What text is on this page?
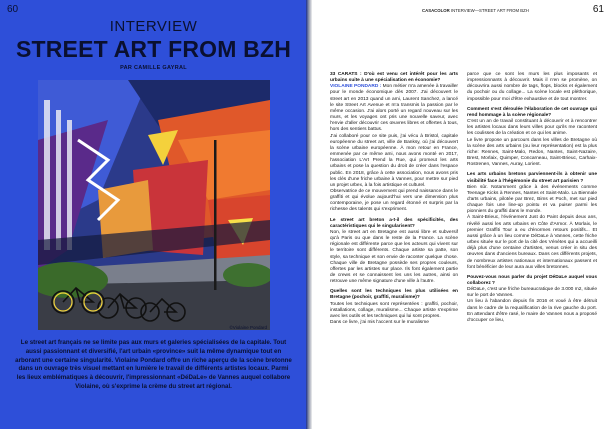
60
INTERVIEW
STREET ART FROM BZH
PAR CAMILLE GAYRAL
©Violaine Pondard
Le street art français ne se limite pas aux murs et galeries spécialisées de la capitale. Tout aussi passionnant et diversifié, l'art urbain «province» suit la même dynamique tout en arborant une certaine singularité. Violaine Pondard offre un riche aperçu de la scène bretonne dans un ouvrage très visuel mettant en lumière le travail de différents artistes locaux. Parmi les lieux emblématiques à découvrir, l'impressionnant «DéDaLe» de Vannes auquel collabore Violaine, où s'exprime la crème du street art régional.
CASACOLOR INTERVIEW—STREET ART FROM BZH	61

33 CARATS : D'où est venu cet intérêt pour les arts urbains suite à une spécialisation en économie?

VIOLAINE PONDARD : Mon métier m'a amenée à travailler pour le monde économique dès 2007. J'ai découvert le street art en 2013 quand un ami, Laurent Sanchez, a lancé le site Street Art Avenue et m'a transmis la passion par le même occasion. J'ai alors porté un regard nouveau sur les murs, et les voyages ont pris une nouvelle saveur, avec l'envie d'aller découvrir ces œuvres libres et offertes à tous, hors des sentiers battus.

J'ai collaboré pour ce site puis, j'ai vécu à Bristol, capitale européenne du street art, ville de Banksy, où j'ai découvert la scène urbaine européenne. À mon retour en France, emmenée par ce même ami, nous avons monté en 2017, l'association L'Art Prend la Rue, qui promeut les arts urbains et pose la question du droit de créer dans l'espace public. En 2018, grâce à cette association, nous avons pris les clés d'une friche urbaine à Vannes, pour mettre sur pied un projet urbex, à la fois artistique et culturel.

Observatrice de ce mouvement qui prend naissance dans le graffiti et qui évolue aujourd'hui vers une dimension plus contemporaine, je pose un regard étonné et surpris par la richesse des talents qui s'expriment.

Le street art breton a-t-il des spécificités, des caractéristiques qui le singularisent?

Non, le street art en Bretagne est aussi libre et subversif qu'à Paris ou que dans le reste de la France. La scène régionale est différente parce que les acteurs qui vivent sur le territoire sont différents. Chaque artiste sa patte, son style, sa technique et son envie de raconter quelque chose. Chaque ville de Bretagne possède ses propres couleurs, offertes par les artistes sur place. Ils font également partie de crews et se connaissent les uns les autres, ainsi on retrouve une même signature d'une ville à l'autre.

Quelles sont les techniques les plus utilisées en Bretagne (pochoir, graffiti, muralisme)?

Toutes les techniques sont représentées : graffiti, pochoir, installations, collage, muralisme... Chaque artiste s'exprime avec les outils et les techniques qui lui sont propres.

Dans ce livre, j'ai mis l'accent sur le muralisme

parce que ce sont les murs les plus imposants et impressionnants à découvrir. Mais il n'en se promène, on découvrira aussi nombre de tags, flops, blocks et également du pochoir ou du collage... La scène locale est pléthorique, impossible pour moi d'être exhaustive et de tout montrer.

Comment s'est déroulée l'élaboration de cet ouvrage qui rend hommage à la scène régionale?

C'est un an de travail constituant à découvrir et à rencontrer les artistes locaux dans leurs villes pour qu'ils me racontent les coulisses de la création et ce qui les anime.

Le livre propose un parcours dans les villes de Bretagne où la scène des arts urbains (ou leur représentation) est la plus riche: Rennes, Saint-Malo, Redon, Nantes, Saint-Nazaire, Brest, Morlaix, Quimper, Concarneau, Saint-Brieuc, Carhaix-Rostrenen, Vannes, Auray, Lorient.

Les arts urbains bretons parviennent-ils à obtenir une visibilité face à l'hégémonie du street art parisien ?

Bien sûr. Notamment grâce à des événements comme Teenage Kicks à Rennes, Nantes et Saint-Malo. La Biennale d'arts urbains, pilotée par Brez, Bims et Poch, met sur pied chaque fois une line-up pointu et va puiser parmi les pionniers du graffiti dans le monde.

À Saint-Brieuc, l'événement Just do Paint depuis deux ans, révélé aussi les arts urbains en Côte d'Armor. À Morlaix, le premier Graffiti Tour a eu d'énormes retours positifs... Et aussi grâce à un lieu comme DéDaLe à Vannes, cette friche urbex située sur le port de la cité des Vénètes qui a accueilli déjà plus d'une centaine d'artistes, venus créer in situ des œuvres dans d'anciens bureaux. Dans ces différents projets, de nombreux artistes nationaux et internationaux passent et font bénéficier de leur aura aux villes bretonnes.

Pouvez-vous nous parler du projet DéDaLe auquel vous collaborez ?

DéDaLe, c'est une friche bureaucratique de 3.000 m2, située sur le port de Vannes.

Un lieu à l'abandon depuis fin 2016 et voué à être détruit dans le cadre de la requalification de la rive gauche du port. En attendant d'être rasé, le maire de Vannes nous a proposé d'occuper ce lieu,
